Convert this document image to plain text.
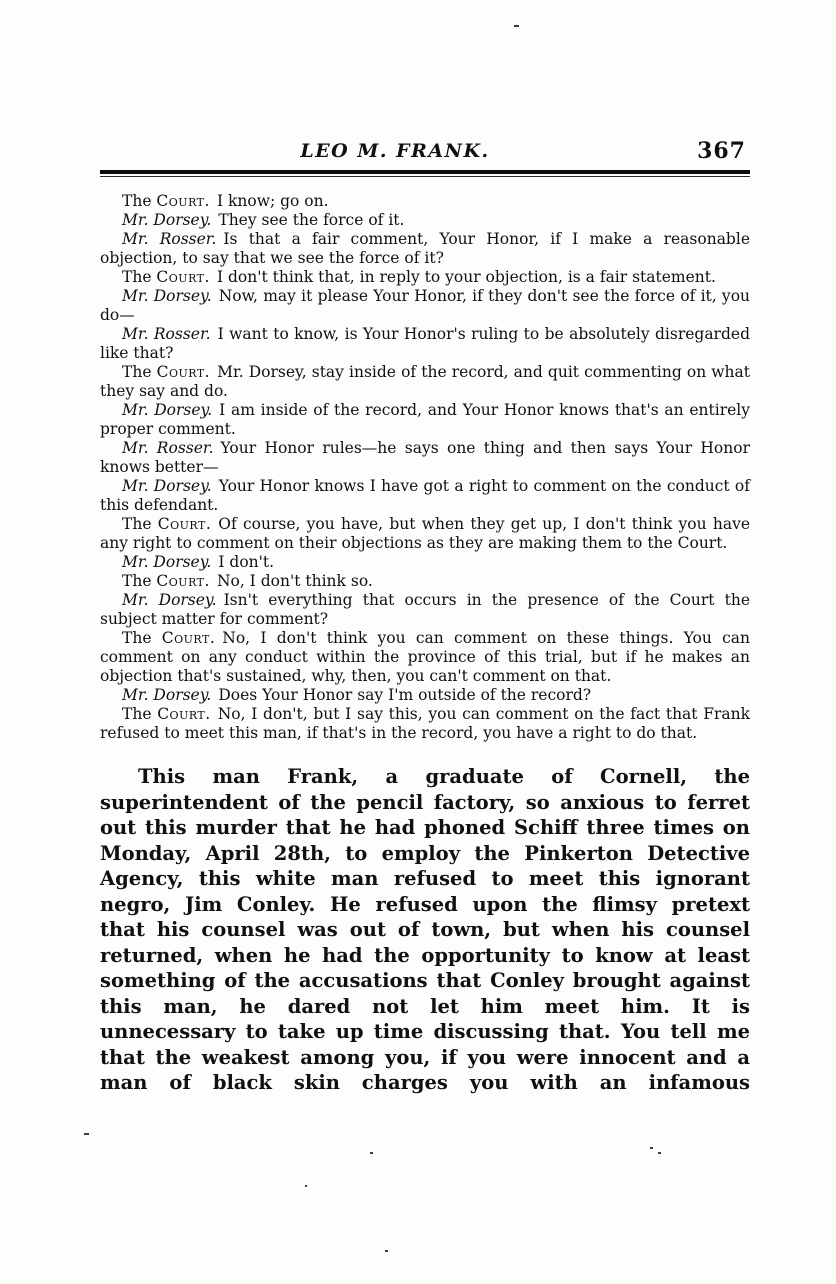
LEO M. FRANK.	367

The Court. I know; go on.

Mr. Dorsey. They see the force of it.

Mr. Rosser. Is that a fair comment, Your Honor, if I make a reasonable objection, to say that we see the force of it?

The Court. I don't think that, in reply to your objection, is a fair statement.

Mr. Dorsey. Now, may it please Your Honor, if they don't see the force of it, you do—

Mr. Rosser. I want to know, is Your Honor's ruling to be absolutely disregarded like that?

The Court. Mr. Dorsey, stay inside of the record, and quit commenting on what they say and do.

Mr. Dorsey. I am inside of the record, and Your Honor knows that's an entirely proper comment.

Mr. Rosser. Your Honor rules—he says one thing and then says Your Honor knows better—

Mr. Dorsey. Your Honor knows I have got a right to comment on the conduct of this defendant.

The Court. Of course, you have, but when they get up, I don't think you have any right to comment on their objections as they are making them to the Court.

Mr. Dorsey. I don't.

The Court. No, I don't think so.

Mr. Dorsey. Isn't everything that occurs in the presence of the Court the subject matter for comment?

The Court. No, I don't think you can comment on these things. You can comment on any conduct within the province of this trial, but if he makes an objection that's sustained, why, then, you can't comment on that.

Mr. Dorsey. Does Your Honor say I'm outside of the record?

The Court. No, I don't, but I say this, you can comment on the fact that Frank refused to meet this man, if that's in the record, you have a right to do that.

This man Frank, a graduate of Cornell, the superintendent of the pencil factory, so anxious to ferret out this murder that he had phoned Schiff three times on Monday, April 28th, to employ the Pinkerton Detective Agency, this white man refused to meet this ignorant negro, Jim Conley. He refused upon the flimsy pretext that his counsel was out of town, but when his counsel returned, when he had the opportunity to know at least something of the accusations that Conley brought against this man, he dared not let him meet him. It is unnecessary to take up time discussing that. You tell me that the weakest among you, if you were innocent and a man of black skin charges you with an infamous
